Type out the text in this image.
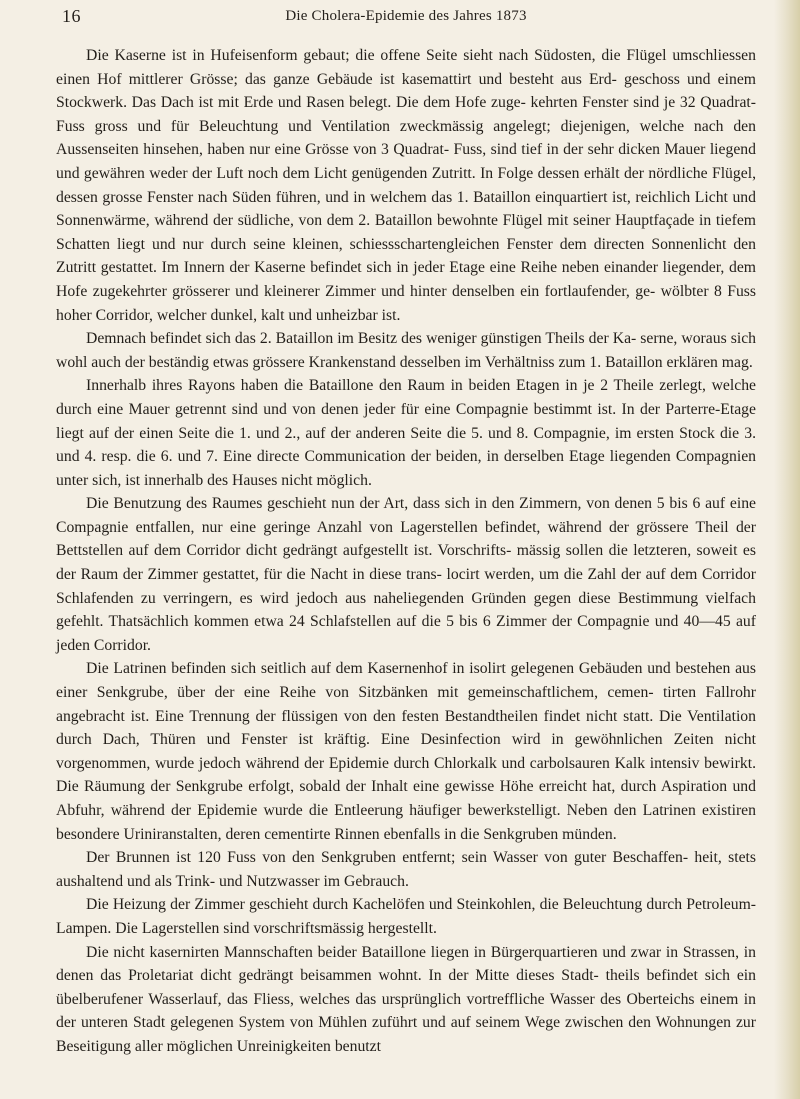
16	Die Cholera-Epidemie des Jahres 1873

Die Kaserne ist in Hufeisenform gebaut; die offene Seite sieht nach Südosten, die Flügel umschliessen einen Hof mittlerer Grösse; das ganze Gebäude ist kasemattirt und besteht aus Erd- geschoss und einem Stockwerk. Das Dach ist mit Erde und Rasen belegt. Die dem Hofe zuge- kehrten Fenster sind je 32 Quadrat-Fuss gross und für Beleuchtung und Ventilation zweckmässig angelegt; diejenigen, welche nach den Aussenseiten hinsehen, haben nur eine Grösse von 3 Quadrat- Fuss, sind tief in der sehr dicken Mauer liegend und gewähren weder der Luft noch dem Licht genügenden Zutritt. In Folge dessen erhält der nördliche Flügel, dessen grosse Fenster nach Süden führen, und in welchem das 1. Bataillon einquartiert ist, reichlich Licht und Sonnenwärme, während der südliche, von dem 2. Bataillon bewohnte Flügel mit seiner Hauptfaçade in tiefem Schatten liegt und nur durch seine kleinen, schiessschartengleichen Fenster dem directen Sonnenlicht den Zutritt gestattet. Im Innern der Kaserne befindet sich in jeder Etage eine Reihe neben einander liegender, dem Hofe zugekehrter grösserer und kleinerer Zimmer und hinter denselben ein fortlaufender, ge- wölbter 8 Fuss hoher Corridor, welcher dunkel, kalt und unheizbar ist.

Demnach befindet sich das 2. Bataillon im Besitz des weniger günstigen Theils der Ka- serne, woraus sich wohl auch der beständig etwas grössere Krankenstand desselben im Verhältniss zum 1. Bataillon erklären mag.

Innerhalb ihres Rayons haben die Bataillone den Raum in beiden Etagen in je 2 Theile zerlegt, welche durch eine Mauer getrennt sind und von denen jeder für eine Compagnie bestimmt ist. In der Parterre-Etage liegt auf der einen Seite die 1. und 2., auf der anderen Seite die 5. und 8. Compagnie, im ersten Stock die 3. und 4. resp. die 6. und 7. Eine directe Communication der beiden, in derselben Etage liegenden Compagnien unter sich, ist innerhalb des Hauses nicht möglich.

Die Benutzung des Raumes geschieht nun der Art, dass sich in den Zimmern, von denen 5 bis 6 auf eine Compagnie entfallen, nur eine geringe Anzahl von Lagerstellen befindet, während der grössere Theil der Bettstellen auf dem Corridor dicht gedrängt aufgestellt ist. Vorschrifts- mässig sollen die letzteren, soweit es der Raum der Zimmer gestattet, für die Nacht in diese trans- locirt werden, um die Zahl der auf dem Corridor Schlafenden zu verringern, es wird jedoch aus naheliegenden Gründen gegen diese Bestimmung vielfach gefehlt. Thatsächlich kommen etwa 24 Schlafstellen auf die 5 bis 6 Zimmer der Compagnie und 40—45 auf jeden Corridor.

Die Latrinen befinden sich seitlich auf dem Kasernenhof in isolirt gelegenen Gebäuden und bestehen aus einer Senkgrube, über der eine Reihe von Sitzbänken mit gemeinschaftlichem, cemen- tirten Fallrohr angebracht ist. Eine Trennung der flüssigen von den festen Bestandtheilen findet nicht statt. Die Ventilation durch Dach, Thüren und Fenster ist kräftig. Eine Desinfection wird in gewöhnlichen Zeiten nicht vorgenommen, wurde jedoch während der Epidemie durch Chlorkalk und carbolsauren Kalk intensiv bewirkt. Die Räumung der Senkgrube erfolgt, sobald der Inhalt eine gewisse Höhe erreicht hat, durch Aspiration und Abfuhr, während der Epidemie wurde die Entleerung häufiger bewerkstelligt. Neben den Latrinen existiren besondere Uriniranstalten, deren cementirte Rinnen ebenfalls in die Senkgruben münden.

Der Brunnen ist 120 Fuss von den Senkgruben entfernt; sein Wasser von guter Beschaffen- heit, stets aushaltend und als Trink- und Nutzwasser im Gebrauch.

Die Heizung der Zimmer geschieht durch Kachelöfen und Steinkohlen, die Beleuchtung durch Petroleum-Lampen. Die Lagerstellen sind vorschriftsmässig hergestellt.

Die nicht kasernirten Mannschaften beider Bataillone liegen in Bürgerquartieren und zwar in Strassen, in denen das Proletariat dicht gedrängt beisammen wohnt. In der Mitte dieses Stadt- theils befindet sich ein übelberufener Wasserlauf, das Fliess, welches das ursprünglich vortreffliche Wasser des Oberteichs einem in der unteren Stadt gelegenen System von Mühlen zuführt und auf seinem Wege zwischen den Wohnungen zur Beseitigung aller möglichen Unreinigkeiten benutzt
